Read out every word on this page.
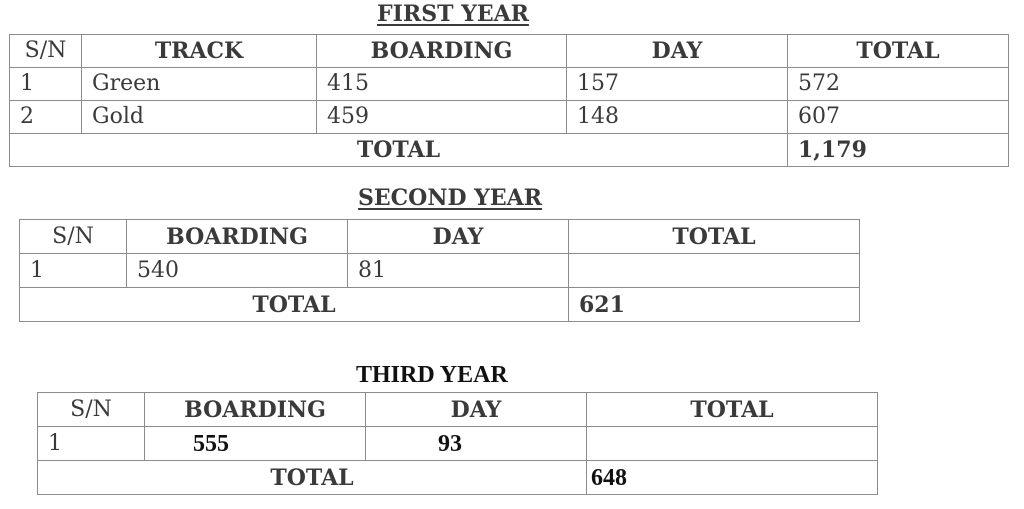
FIRST YEAR
S/N	TRACK	BOARDING	DAY	TOTAL
1	Green	415	157	572
2	Gold	459	148	607
TOTAL				1,179
SECOND YEAR
S/N	BOARDING	DAY	TOTAL
1	540	81	
TOTAL			621
THIRD YEAR
S/N	BOARDING	DAY	TOTAL
1	555	93	
TOTAL			648
